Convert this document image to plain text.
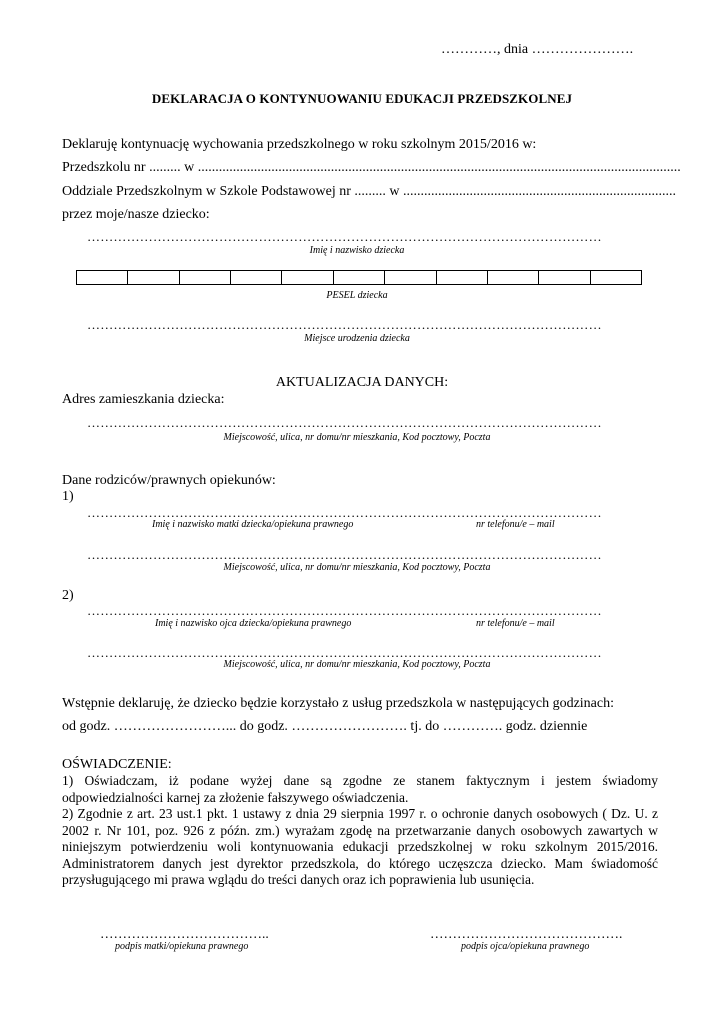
…………, dnia ………………….
DEKLARACJA O KONTYNUOWANIU EDUKACJI PRZEDSZKOLNEJ
Deklaruję kontynuację wychowania przedszkolnego w roku szkolnym 2015/2016 w:
Przedszkolu nr ......... w ..........................................................................................................................................
Oddziale Przedszkolnym w Szkole Podstawowej nr ......... w ..............................................................................
przez moje/nasze dziecko:
………………………………………………………………………………………………………
Imię i nazwisko dziecka
PESEL dziecka
………………………………………………………………………………………………………
Miejsce urodzenia dziecka
AKTUALIZACJA DANYCH:
Adres zamieszkania dziecka:
………………………………………………………………………………………………………
Miejscowość, ulica, nr domu/nr mieszkania, Kod pocztowy, Poczta
Dane rodziców/prawnych opiekunów:
1)
………………………………………………………………………………………………………
Imię i nazwisko matki dziecka/opiekuna prawnego	nr telefonu/e – mail
………………………………………………………………………………………………………
Miejscowość, ulica, nr domu/nr mieszkania, Kod pocztowy, Poczta
2)
………………………………………………………………………………………………………
Imię i nazwisko ojca dziecka/opiekuna prawnego	nr telefonu/e – mail
………………………………………………………………………………………………………
Miejscowość, ulica, nr domu/nr mieszkania, Kod pocztowy, Poczta
Wstępnie deklaruję, że dziecko będzie korzystało z usług przedszkola w następujących godzinach:
od godz. ……………………... do godz. ……………………. tj. do …………. godz. dziennie
OŚWIADCZENIE:
1) Oświadczam, iż podane wyżej dane są zgodne ze stanem faktycznym i jestem świadomy odpowiedzialności karnej za złożenie fałszywego oświadczenia.
2) Zgodnie z art. 23 ust.1 pkt. 1 ustawy z dnia 29 sierpnia 1997 r. o ochronie danych osobowych ( Dz. U. z 2002 r. Nr 101, poz. 926 z późn. zm.) wyrażam zgodę na przetwarzanie danych osobowych zawartych w niniejszym potwierdzeniu woli kontynuowania edukacji przedszkolnej w roku szkolnym 2015/2016. Administratorem danych jest dyrektor przedszkola, do którego uczęszcza dziecko. Mam świadomość przysługującego mi prawa wglądu do treści danych oraz ich poprawienia lub usunięcia.
………………………………..
podpis matki/opiekuna prawnego
…………………………………….
podpis ojca/opiekuna prawnego
